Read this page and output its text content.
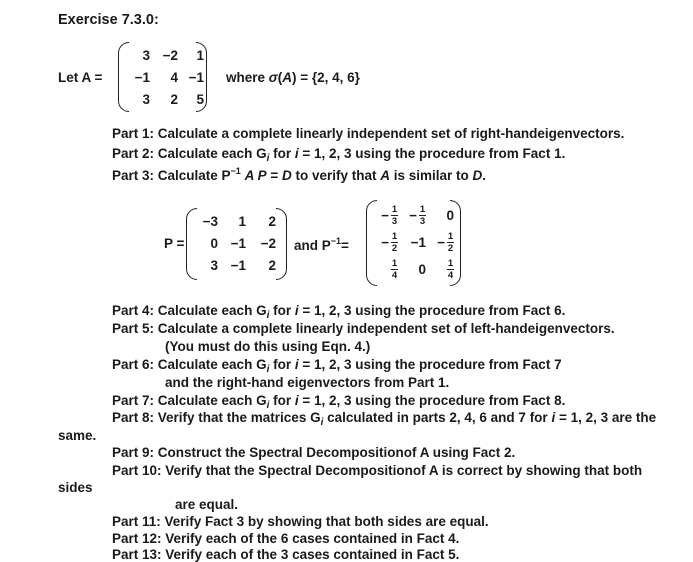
Exercise 7.3.0:
Let A =
3 −2 1
−1 4 −1
3 2 5
where σ(A) = {2, 4, 6}
Part 1: Calculate a complete linearly independent set of right-handeigenvectors.
Part 2: Calculate each $G_i$ for i = 1, 2, 3 using the procedure from Fact 1.
Part 3: Calculate $P^{-1}$ A P = D to verify that A is similar to D.
P =
−3 1 2
0 −1 −2
3 −1 2
and $P^{-1}=$
− $\frac{1}{3} - \frac{1}{3} 0$
− $\frac{1}{2} -1 - \frac{1}{2}$
$\frac{1}{4} 0 \frac{1}{4}$
Part 4: Calculate each $G_i$ for i = 1, 2, 3 using the procedure from Fact 6.
Part 5: Calculate a complete linearly independent set of left-handeigenvectors.
(You must do this using Eqn. 4.)
Part 6: Calculate each $G_i$ for i = 1, 2, 3 using the procedure from Fact 7
and the right-hand eigenvectors from Part 1.
Part 7: Calculate each $G_i$ for i = 1, 2, 3 using the procedure from Fact 8.
Part 8: Verify that the matrices $G_i$ calculated in parts 2, 4, 6 and 7 for i = 1, 2, 3 are the
same.
Part 9: Construct the Spectral Decompositionof A using Fact 2.
Part 10: Verify that the Spectral Decompositionof A is correct by showing that both
sides
are equal.
Part 11: Verify Fact 3 by showing that both sides are equal.
Part 12: Verify each of the 6 cases contained in Fact 4.
Part 13: Verify each of the 3 cases contained in Fact 5.
